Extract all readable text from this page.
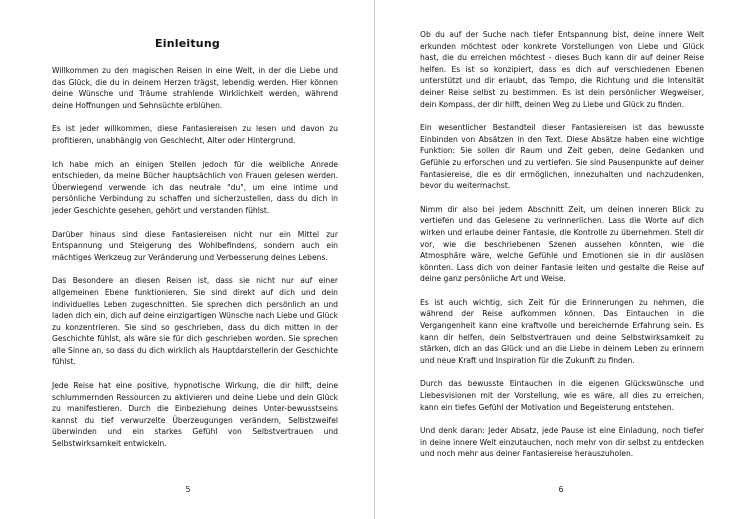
Einleitung

Willkommen zu den magischen Reisen in eine Welt, in der die Liebe und das Glück, die du in deinem Herzen trägst, lebendig werden. Hier können deine Wünsche und Träume strahlende Wirklichkeit werden, während deine Hoffnungen und Sehnsüchte erblühen.

Es ist jeder willkommen, diese Fantasiereisen zu lesen und davon zu profitieren, unabhängig von Geschlecht, Alter oder Hintergrund.

Ich habe mich an einigen Stellen jedoch für die weibliche Anrede entschieden, da meine Bücher hauptsächlich von Frauen gelesen werden. Überwiegend verwende ich das neutrale "du", um eine intime und persönliche Verbindung zu schaffen und sicherzustellen, dass du dich in jeder Geschichte gesehen, gehört und verstanden fühlst.

Darüber hinaus sind diese Fantasiereisen nicht nur ein Mittel zur Entspannung und Steigerung des Wohlbefindens, sondern auch ein mächtiges Werkzeug zur Veränderung und Verbesserung deines Lebens.

Das Besondere an diesen Reisen ist, dass sie nicht nur auf einer allgemeinen Ebene funktionieren. Sie sind direkt auf dich und dein individuelles Leben zugeschnitten. Sie sprechen dich persönlich an und laden dich ein, dich auf deine einzigartigen Wünsche nach Liebe und Glück zu konzentrieren. Sie sind so geschrieben, dass du dich mitten in der Geschichte fühlst, als wäre sie für dich geschrieben worden. Sie sprechen alle Sinne an, so dass du dich wirklich als Hauptdarstellerin der Geschichte fühlst.

Jede Reise hat eine positive, hypnotische Wirkung, die dir hilft, deine schlummernden Ressourcen zu aktivieren und deine Liebe und dein Glück zu manifestieren. Durch die Einbeziehung deines Unter-bewusstseins kannst du tief verwurzelte Überzeugungen verändern, Selbstzweifel überwinden und ein starkes Gefühl von Selbstvertrauen und Selbstwirksamkeit entwickeln.

5

Ob du auf der Suche nach tiefer Entspannung bist, deine innere Welt erkunden möchtest oder konkrete Vorstellungen von Liebe und Glück hast, die du erreichen möchtest - dieses Buch kann dir auf deiner Reise helfen. Es ist so konzipiert, dass es dich auf verschiedenen Ebenen unterstützt und dir erlaubt, das Tempo, die Richtung und die Intensität deiner Reise selbst zu bestimmen. Es ist dein persönlicher Wegweiser, dein Kompass, der dir hilft, deinen Weg zu Liebe und Glück zu finden.

Ein wesentlicher Bestandteil dieser Fantasiereisen ist das bewusste Einbinden von Absätzen in den Text. Diese Absätze haben eine wichtige Funktion: Sie sollen dir Raum und Zeit geben, deine Gedanken und Gefühle zu erforschen und zu vertiefen. Sie sind Pausenpunkte auf deiner Fantasiereise, die es dir ermöglichen, innezuhalten und nachzudenken, bevor du weitermachst.

Nimm dir also bei jedem Abschnitt Zeit, um deinen inneren Blick zu vertiefen und das Gelesene zu verinnerlichen. Lass die Worte auf dich wirken und erlaube deiner Fantasie, die Kontrolle zu übernehmen. Stell dir vor, wie die beschriebenen Szenen aussehen könnten, wie die Atmosphäre wäre, welche Gefühle und Emotionen sie in dir auslösen könnten. Lass dich von deiner Fantasie leiten und gestalte die Reise auf deine ganz persönliche Art und Weise.

Es ist auch wichtig, sich Zeit für die Erinnerungen zu nehmen, die während der Reise aufkommen können. Das Eintauchen in die Vergangenheit kann eine kraftvolle und bereichernde Erfahrung sein. Es kann dir helfen, dein Selbstvertrauen und deine Selbstwirksamkeit zu stärken, dich an das Glück und an die Liebe in deinem Leben zu erinnern und neue Kraft und Inspiration für die Zukunft zu finden.

Durch das bewusste Eintauchen in die eigenen Glückswünsche und Liebesvisionen mit der Vorstellung, wie es wäre, all dies zu erreichen, kann ein tiefes Gefühl der Motivation und Begeisterung entstehen.

Und denk daran: Jeder Absatz, jede Pause ist eine Einladung, noch tiefer in deine innere Welt einzutauchen, noch mehr von dir selbst zu entdecken und noch mehr aus deiner Fantasiereise herauszuholen.

6
